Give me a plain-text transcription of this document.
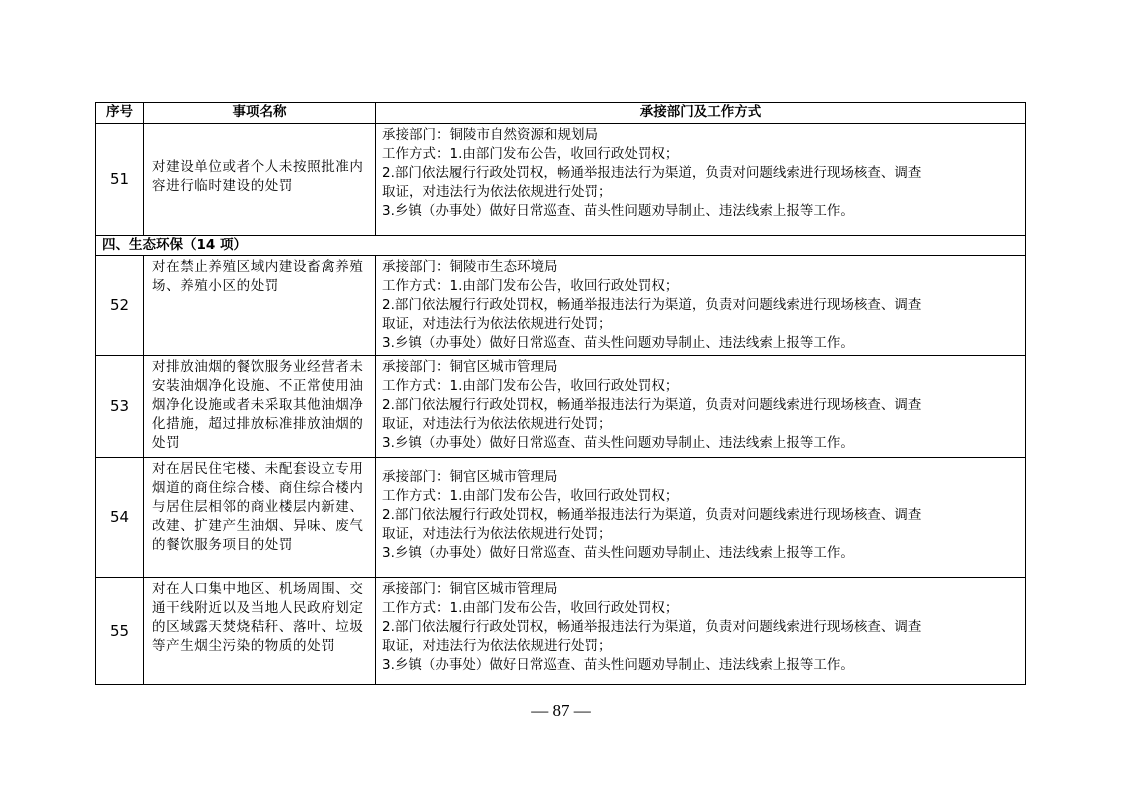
序号	事项名称	承接部门及工作方式
51	对建设单位或者个人未按照批准内容进行临时建设的处罚	承接部门：铜陵市自然资源和规划局
工作方式：1.由部门发布公告，收回行政处罚权；
2.部门依法履行行政处罚权，畅通举报违法行为渠道，负责对问题线索进行现场核查、调查
取证，对违法行为依法依规进行处罚；
3.乡镇（办事处）做好日常巡查、苗头性问题劝导制止、违法线索上报等工作。

四、生态环保（14 项）		
52	对在禁止养殖区域内建设畜禽养殖场、养殖小区的处罚	承接部门：铜陵市生态环境局
工作方式：1.由部门发布公告，收回行政处罚权；
2.部门依法履行行政处罚权，畅通举报违法行为渠道，负责对问题线索进行现场核查、调查
取证，对违法行为依法依规进行处罚；
3.乡镇（办事处）做好日常巡查、苗头性问题劝导制止、违法线索上报等工作。

53	对排放油烟的餐饮服务业经营者未安装油烟净化设施、不正常使用油烟净化设施或者未采取其他油烟净化措施，超过排放标准排放油烟的处罚	承接部门：铜官区城市管理局
工作方式：1.由部门发布公告，收回行政处罚权；
2.部门依法履行行政处罚权，畅通举报违法行为渠道，负责对问题线索进行现场核查、调查
取证，对违法行为依法依规进行处罚；
3.乡镇（办事处）做好日常巡查、苗头性问题劝导制止、违法线索上报等工作。

54	对在居民住宅楼、未配套设立专用烟道的商住综合楼、商住综合楼内与居住层相邻的商业楼层内新建、改建、扩建产生油烟、异味、废气的餐饮服务项目的处罚	承接部门：铜官区城市管理局
工作方式：1.由部门发布公告，收回行政处罚权；
2.部门依法履行行政处罚权，畅通举报违法行为渠道，负责对问题线索进行现场核查、调查
取证，对违法行为依法依规进行处罚；
3.乡镇（办事处）做好日常巡查、苗头性问题劝导制止、违法线索上报等工作。

55	对在人口集中地区、机场周围、交通干线附近以及当地人民政府划定的区域露天焚烧秸秆、落叶、垃圾等产生烟尘污染的物质的处罚	承接部门：铜官区城市管理局
工作方式：1.由部门发布公告，收回行政处罚权；
2.部门依法履行行政处罚权，畅通举报违法行为渠道，负责对问题线索进行现场核查、调查
取证，对违法行为依法依规进行处罚；
3.乡镇（办事处）做好日常巡查、苗头性问题劝导制止、违法线索上报等工作。
— 87 —
